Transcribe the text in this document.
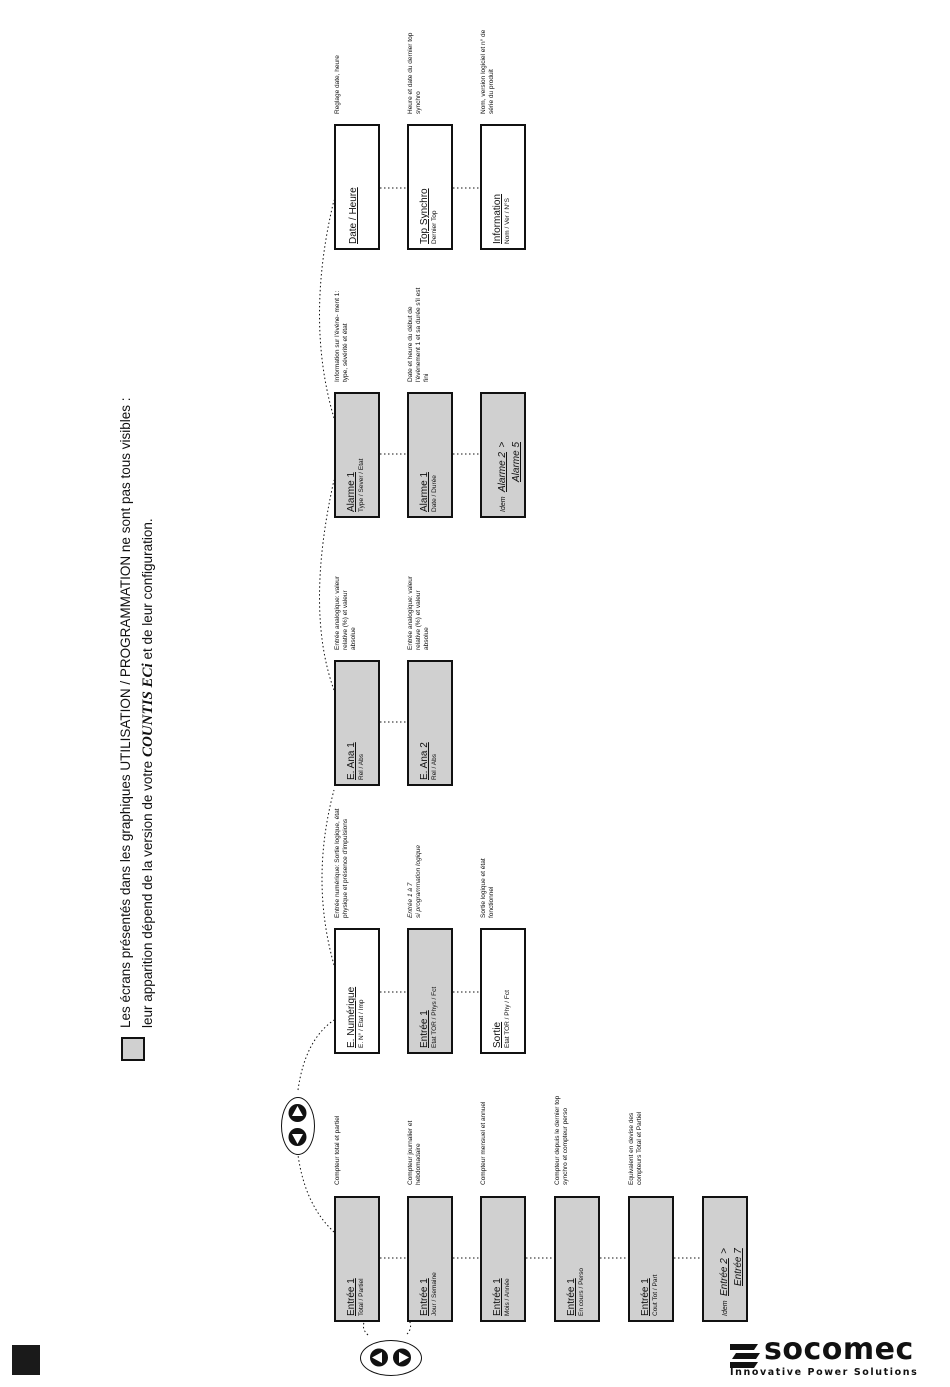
Les écrans présentés dans les graphiques UTILISATION / PROGRAMMATION ne sont pas tous visibles : leur apparition dépend de la version de votre COUNTIS ECi et de leur configuration.
Entrée 1 Total / Partiel
Compteur total et partiel
Entrée 1 Jour / Semaine
Compteur journalier et hebdomadaire
Entrée 1 Mois / Année
Compteur mensuel et annuel
Entrée 1 En cours / Perso
Compteur depuis le dernier top synchro et compteur perso
Entrée 1 Cout Tot / Part
Equivalent en devise des compteurs Total et Partiel
Idem Entrée 2 > Entrée 7
E. Numérique E. N° / Etat / Imp
Entrée numérique: Sortie logique, état physique et présence d'impulsions
Entrée 1 Etat TOR / Phys / Fct
Entrée 1 à 7
si programmation logique
Sortie Etat TOR / Phy / Fct
Sortie logique et état fonctionnel
E. Ana 1 Rel / Abs
Entrée analogique: valeur relative (%) et valeur absolue
E. Ana 2 Rel / Abs
Entrée analogique: valeur relative (%) et valeur absolue
Alarme 1 Type / Sever / Etat
Information sur l'événe- ment 1: type, sévérité et état
Alarme 1 Date / Durée
Date et heure du début de l'évènement 1 et sa durée s'il est fini
Idem Alarme 2 > Alarme 5
Date / Heure
Reglage date, heure
Top Synchro Dernier Top
Heure et date du dernier top synchro
Information Nom / Ver / N°S
Nom, version logiciel et n° de série du produit
socomec
Innovative Power Solutions
